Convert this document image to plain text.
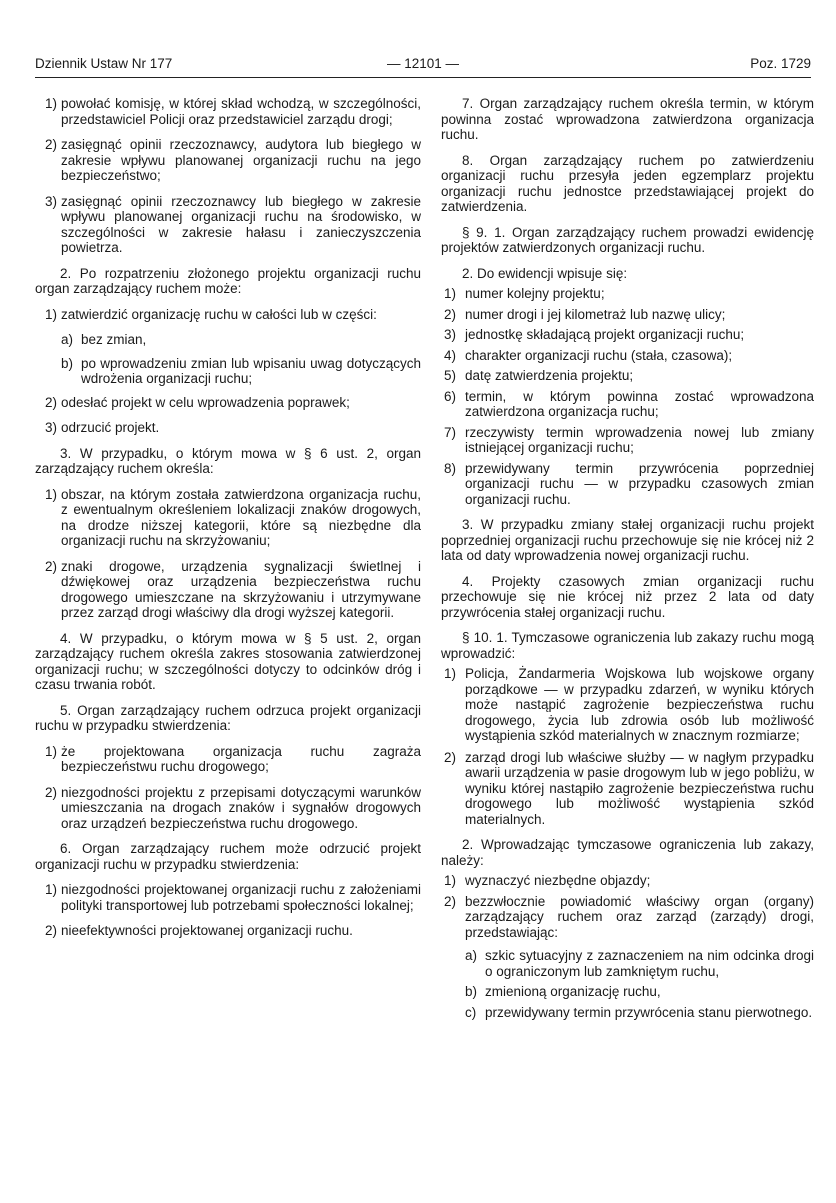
Dziennik Ustaw Nr 177	— 12101 —	Poz. 1729
1) powołać komisję, w której skład wchodzą, w szczególności, przedstawiciel Policji oraz przedstawiciel zarządu drogi;

2) zasięgnąć opinii rzeczoznawcy, audytora lub biegłego w zakresie wpływu planowanej organizacji ruchu na jego bezpieczeństwo;

3) zasięgnąć opinii rzeczoznawcy lub biegłego w zakresie wpływu planowanej organizacji ruchu na środowisko, w szczególności w zakresie hałasu i zanieczyszczenia powietrza.

2. Po rozpatrzeniu złożonego projektu organizacji ruchu organ zarządzający ruchem może:

1) zatwierdzić organizację ruchu w całości lub w części:

a) bez zmian,

b) po wprowadzeniu zmian lub wpisaniu uwag dotyczących wdrożenia organizacji ruchu;

2) odesłać projekt w celu wprowadzenia poprawek;

3) odrzucić projekt.

3. W przypadku, o którym mowa w § 6 ust. 2, organ zarządzający ruchem określa:

1) obszar, na którym została zatwierdzona organizacja ruchu, z ewentualnym określeniem lokalizacji znaków drogowych, na drodze niższej kategorii, które są niezbędne dla organizacji ruchu na skrzyżowaniu;

2) znaki drogowe, urządzenia sygnalizacji świetlnej i dźwiękowej oraz urządzenia bezpieczeństwa ruchu drogowego umieszczane na skrzyżowaniu i utrzymywane przez zarząd drogi właściwy dla drogi wyższej kategorii.

4. W przypadku, o którym mowa w § 5 ust. 2, organ zarządzający ruchem określa zakres stosowania zatwierdzonej organizacji ruchu; w szczególności dotyczy to odcinków dróg i czasu trwania robót.

5. Organ zarządzający ruchem odrzuca projekt organizacji ruchu w przypadku stwierdzenia:

1) że projektowana organizacja ruchu zagraża bezpieczeństwu ruchu drogowego;

2) niezgodności projektu z przepisami dotyczącymi warunków umieszczania na drogach znaków i sygnałów drogowych oraz urządzeń bezpieczeństwa ruchu drogowego.

6. Organ zarządzający ruchem może odrzucić projekt organizacji ruchu w przypadku stwierdzenia:

1) niezgodności projektowanej organizacji ruchu z założeniami polityki transportowej lub potrzebami społeczności lokalnej;

2) nieefektywności projektowanej organizacji ruchu.

7. Organ zarządzający ruchem określa termin, w którym powinna zostać wprowadzona zatwierdzona organizacja ruchu.

8. Organ zarządzający ruchem po zatwierdzeniu organizacji ruchu przesyła jeden egzemplarz projektu organizacji ruchu jednostce przedstawiającej projekt do zatwierdzenia.

§ 9. 1. Organ zarządzający ruchem prowadzi ewidencję projektów zatwierdzonych organizacji ruchu.

2. Do ewidencji wpisuje się:

1) numer kolejny projektu;

2) numer drogi i jej kilometraż lub nazwę ulicy;

3) jednostkę składającą projekt organizacji ruchu;

4) charakter organizacji ruchu (stała, czasowa);

5) datę zatwierdzenia projektu;

6) termin, w którym powinna zostać wprowadzona zatwierdzona organizacja ruchu;

7) rzeczywisty termin wprowadzenia nowej lub zmiany istniejącej organizacji ruchu;

8) przewidywany termin przywrócenia poprzedniej organizacji ruchu — w przypadku czasowych zmian organizacji ruchu.

3. W przypadku zmiany stałej organizacji ruchu projekt poprzedniej organizacji ruchu przechowuje się nie krócej niż 2 lata od daty wprowadzenia nowej organizacji ruchu.

4. Projekty czasowych zmian organizacji ruchu przechowuje się nie krócej niż przez 2 lata od daty przywrócenia stałej organizacji ruchu.

§ 10. 1. Tymczasowe ograniczenia lub zakazy ruchu mogą wprowadzić:

1) Policja, Żandarmeria Wojskowa lub wojskowe organy porządkowe — w przypadku zdarzeń, w wyniku których może nastąpić zagrożenie bezpieczeństwa ruchu drogowego, życia lub zdrowia osób lub możliwość wystąpienia szkód materialnych w znacznym rozmiarze;

2) zarząd drogi lub właściwe służby — w nagłym przypadku awarii urządzenia w pasie drogowym lub w jego pobliżu, w wyniku której nastąpiło zagrożenie bezpieczeństwa ruchu drogowego lub możliwość wystąpienia szkód materialnych.

2. Wprowadzając tymczasowe ograniczenia lub zakazy, należy:

1) wyznaczyć niezbędne objazdy;

2) bezzwłocznie powiadomić właściwy organ (organy) zarządzający ruchem oraz zarząd (zarządy) drogi, przedstawiając:

a) szkic sytuacyjny z zaznaczeniem na nim odcinka drogi o ograniczonym lub zamkniętym ruchu,

b) zmienioną organizację ruchu,

c) przewidywany termin przywrócenia stanu pierwotnego.
